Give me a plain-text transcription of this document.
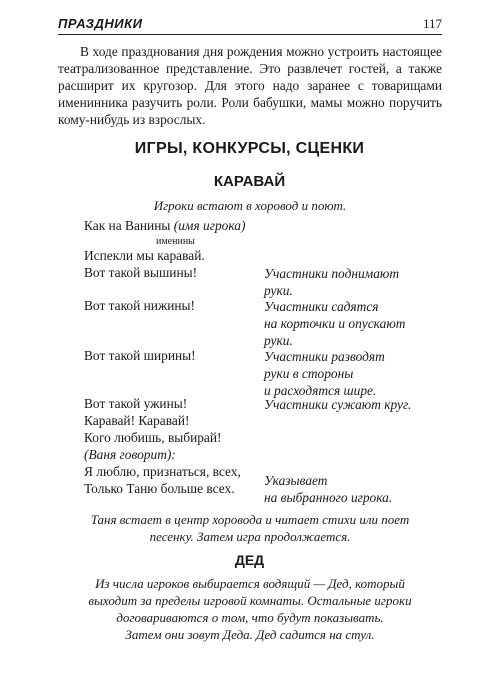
ПРАЗДНИКИ	117

В ходе празднования дня рождения можно устроить настоящее театрализованное представление. Это развлечет гостей, а также расширит их кругозор. Для этого надо заранее с товарищами именинника разучить роли. Роли бабушки, мамы можно поручить кому-нибудь из взрослых.

ИГРЫ, КОНКУРСЫ, СЦЕНКИ
КАРАВАЙ
Игроки встают в хоровод и поют.
Как на Ванины (имя игрока)
именины
Испекли мы каравай.
Вот такой вышины!
Вот такой нижины!
Вот такой ширины!
Вот такой ужины!
Каравай! Каравай!
Кого любишь, выбирай!
(Ваня говорит):
Я люблю, признаться, всех,
Только Таню больше всех.
Участники поднимают
руки.
Участники садятся
на корточки и опускают
руки.
Участники разводят
руки в стороны
и расходятся шире.
Участники сужают круг.
Указывает
на выбранного игрока.
Таня встает в центр хоровода и читает стихи или поет
песенку. Затем игра продолжается.
ДЕД
Из числа игроков выбирается водящий — Дед, который
выходит за пределы игровой комнаты. Остальные игроки
договариваются о том, что будут показывать.
Затем они зовут Деда. Дед садится на стул.
